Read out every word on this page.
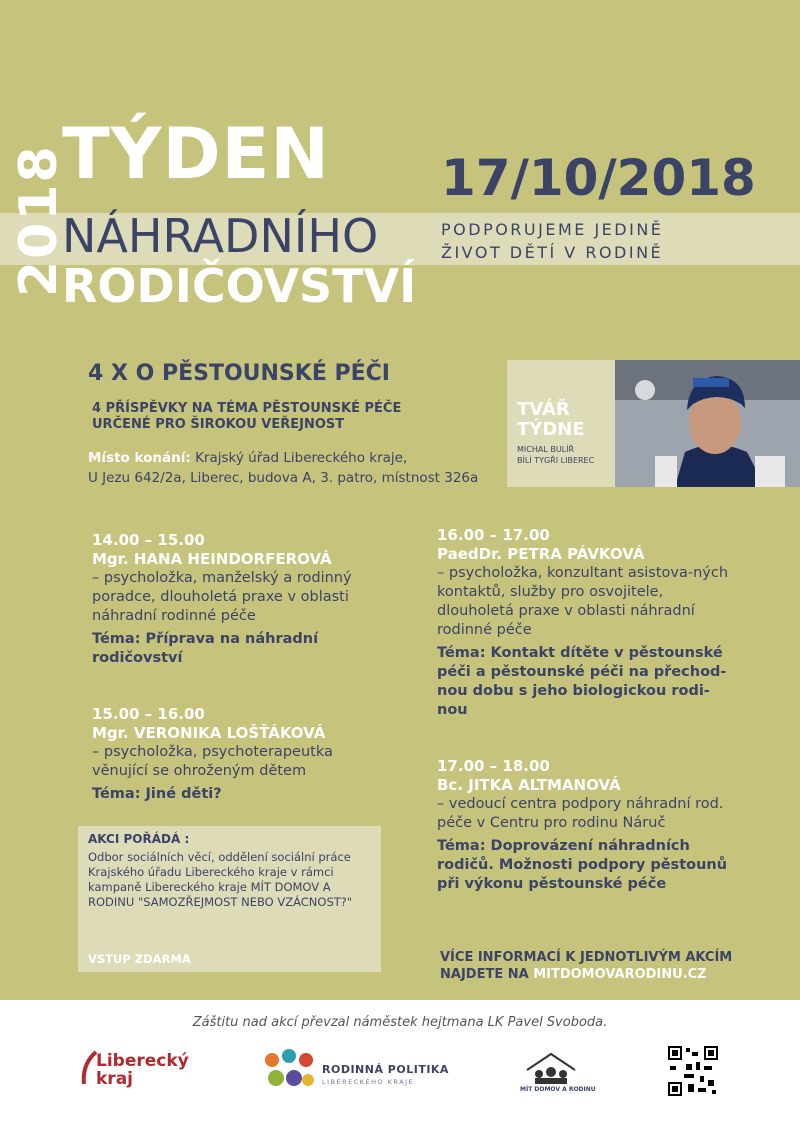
2018
TÝDEN
NÁHRADNÍHO
RODIČOVSTVÍ
17/10/2018
PODPORUJEME JEDINĚ
ŽIVOT DĚTÍ V RODINĚ
4 X O PĚSTOUNSKÉ PÉČI
4 PŘÍSPĚVKY NA TÉMA PĚSTOUNSKÉ PÉČE
URČENÉ PRO ŠIROKOU VEŘEJNOST
Místo konání: Krajský úřad Libereckého kraje,
U Jezu 642/2a, Liberec, budova A, 3. patro, místnost 326a
TVÁŘ
TÝDNE
MICHAL BULÍŘ
BÍLÍ TYGŘI LIBEREC
14.00 – 15.00
Mgr. HANA HEINDORFEROVÁ
– psycholožka, manželský a rodinný poradce, dlouholetá praxe v oblasti náhradní rodinné péče
Téma: Příprava na náhradní rodičovství
15.00 – 16.00
Mgr. VERONIKA LOŠŤÁKOVÁ
– psycholožka, psychoterapeutka věnující se ohroženým dětem
Téma: Jiné děti?
16.00 – 17.00
PaedDr. PETRA PÁVKOVÁ
– psycholožka, konzultant asistova-ných kontaktů, služby pro osvojitele, dlouholetá praxe v oblasti náhradní rodinné péče
Téma: Kontakt dítěte v pěstounské péči a pěstounské péči na přechod-nou dobu s jeho biologickou rodi-nou
17.00 – 18.00
Bc. JITKA ALTMANOVÁ
– vedoucí centra podpory náhradní rod. péče v Centru pro rodinu Náruč
Téma: Doprovázení náhradních rodičů. Možnosti podpory pěstounů při výkonu pěstounské péče
AKCI POŘÁDÁ :
Odbor sociálních věcí, oddělení sociální práce Krajského úřadu Libereckého kraje v rámci kampaně Libereckého kraje MÍT DOMOV A RODINU "SAMOZŘEJMOST NEBO VZÁCNOST?"
VSTUP ZDARMA	VÍCE INFORMACÍ K JEDNOTLIVÝM AKCÍM
NAJDETE NA MITDOMOVARODINU.CZ
Záštitu nad akcí převzal náměstek hejtmana LK Pavel Svoboda.
Liberecký
kraj	RODINNÁ POLITIKA
LIBERECKÉHO KRAJE
MÍT DOMOV A RODINU
